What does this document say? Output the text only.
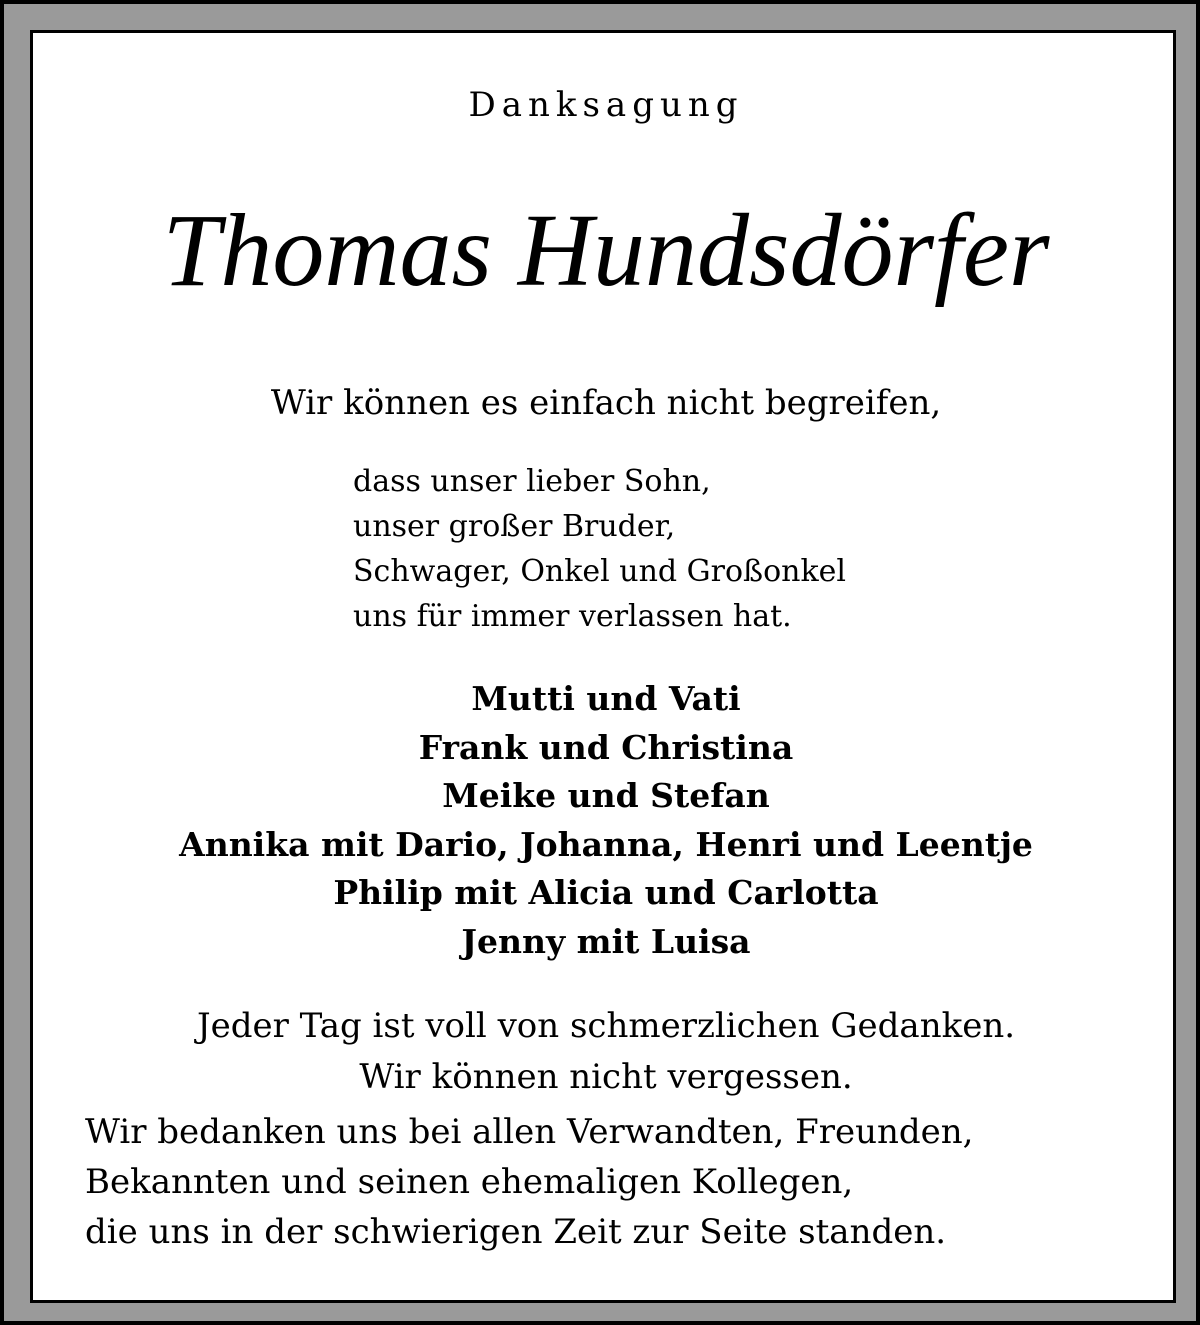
Danksagung
Thomas Hundsdörfer
Wir können es einfach nicht begreifen,
dass unser lieber Sohn,
unser großer Bruder,
Schwager, Onkel und Großonkel
uns für immer verlassen hat.
Mutti und Vati
Frank und Christina
Meike und Stefan
Annika mit Dario, Johanna, Henri und Leentje
Philip mit Alicia und Carlotta
Jenny mit Luisa
Jeder Tag ist voll von schmerzlichen Gedanken.
Wir können nicht vergessen.
Wir bedanken uns bei allen Verwandten, Freunden,
Bekannten und seinen ehemaligen Kollegen,
die uns in der schwierigen Zeit zur Seite standen.
